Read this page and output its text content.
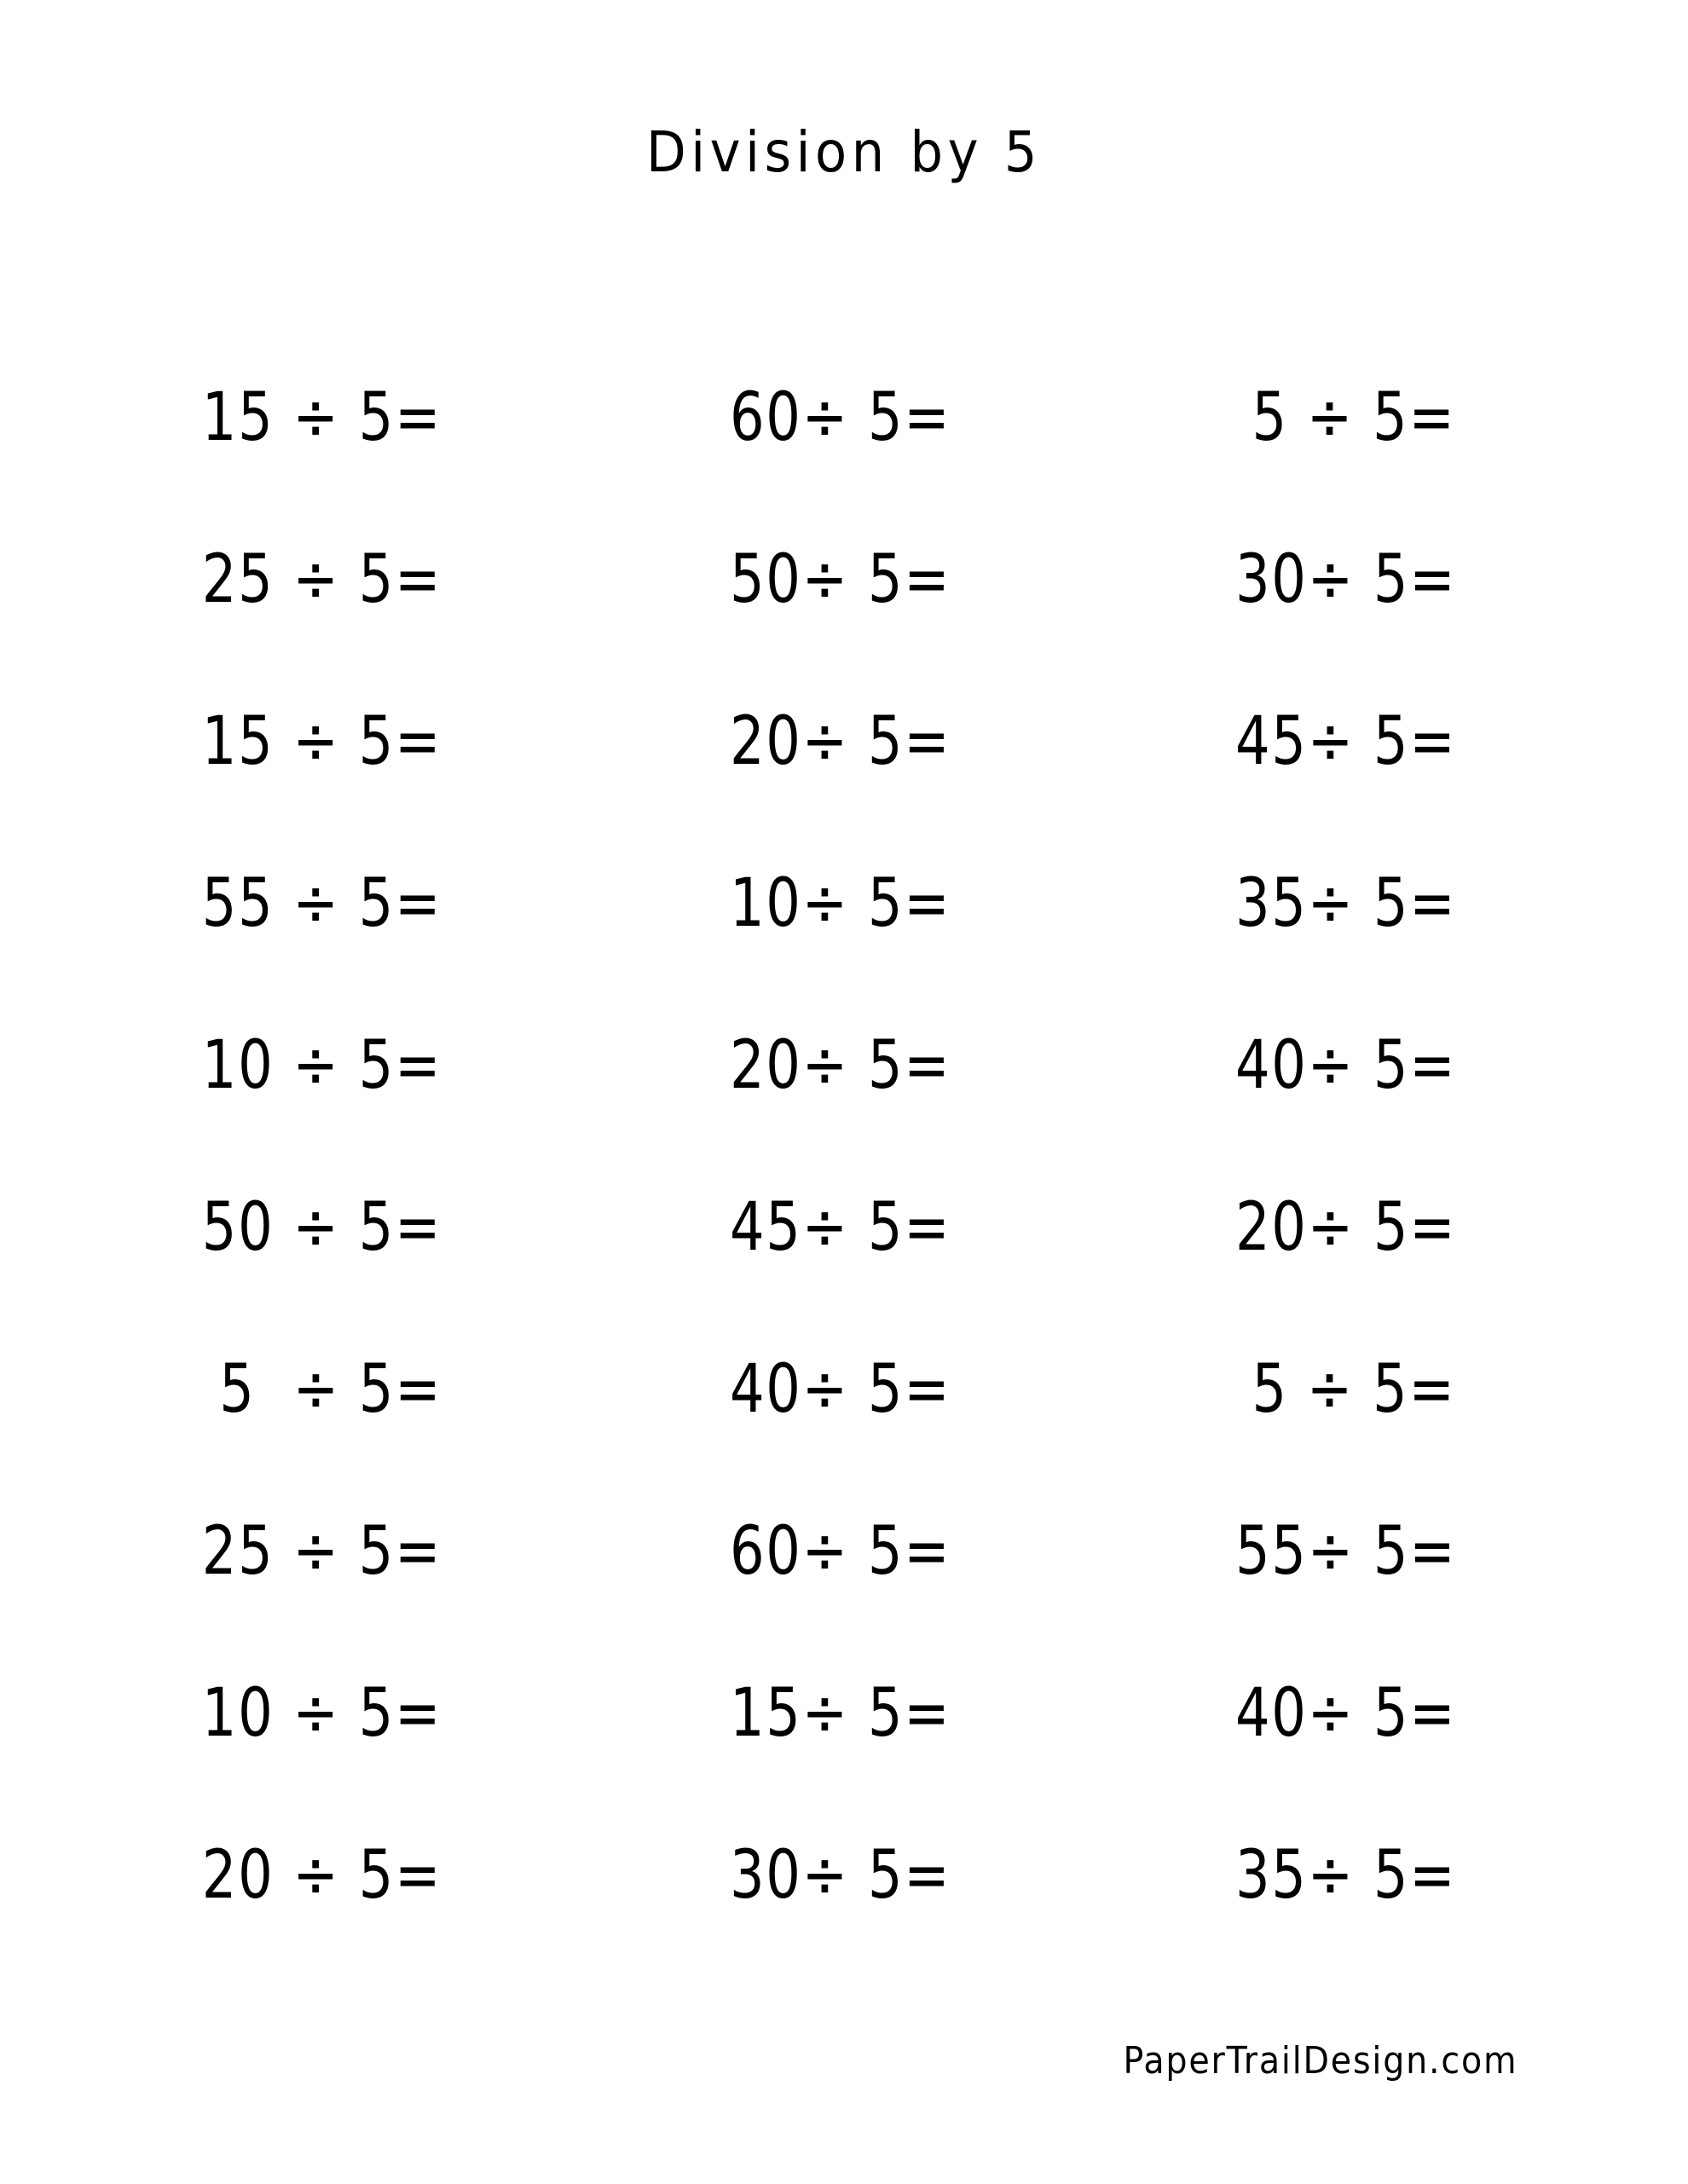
Division by 5
15 ÷ 5=	60÷ 5=	5 ÷ 5=
25 ÷ 5=	50÷ 5=	30÷ 5=
15 ÷ 5=	20÷ 5=	45÷ 5=
55 ÷ 5=	10÷ 5=	35÷ 5=
10 ÷ 5=	20÷ 5=	40÷ 5=
50 ÷ 5=	45÷ 5=	20÷ 5=
5  ÷ 5=	40÷ 5=	5 ÷ 5=
25 ÷ 5=	60÷ 5=	55÷ 5=
10 ÷ 5=	15÷ 5=	40÷ 5=
20 ÷ 5=	30÷ 5=	35÷ 5=
PaperTrailDesign.com
